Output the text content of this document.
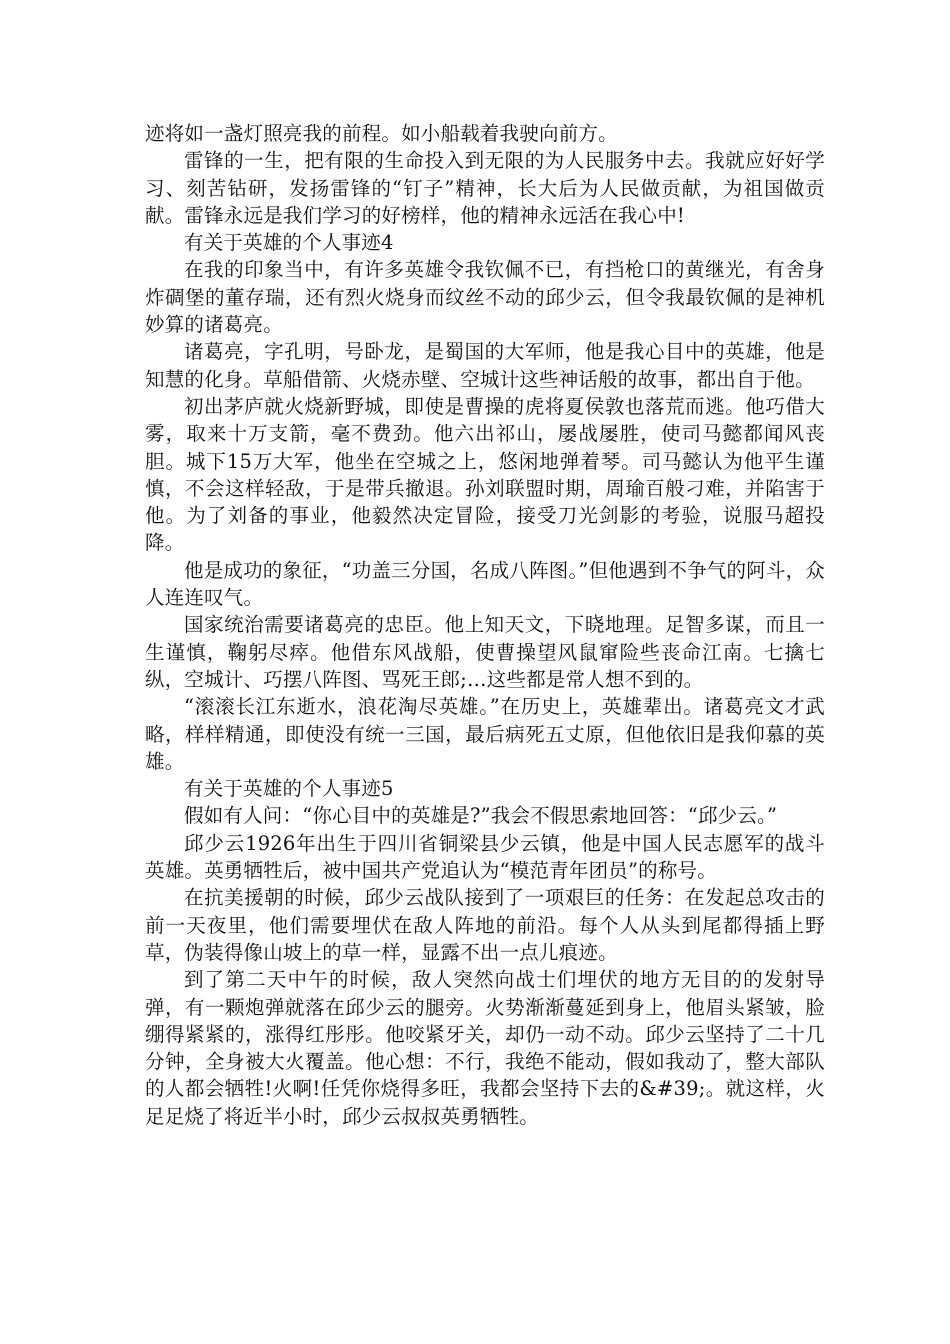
迹将如一盏灯照亮我的前程。如小船载着我驶向前方。

雷锋的一生，把有限的生命投入到无限的为人民服务中去。我就应好好学习、刻苦钻研，发扬雷锋的“钉子”精神，长大后为人民做贡献，为祖国做贡献。雷锋永远是我们学习的好榜样，他的精神永远活在我心中!

有关于英雄的个人事迹4

在我的印象当中，有许多英雄令我钦佩不已，有挡枪口的黄继光，有舍身炸碉堡的董存瑞，还有烈火烧身而纹丝不动的邱少云，但令我最钦佩的是神机妙算的诸葛亮。

诸葛亮，字孔明，号卧龙，是蜀国的大军师，他是我心目中的英雄，他是知慧的化身。草船借箭、火烧赤壁、空城计这些神话般的故事，都出自于他。

初出茅庐就火烧新野城，即使是曹操的虎将夏侯敦也落荒而逃。他巧借大雾，取来十万支箭，毫不费劲。他六出祁山，屡战屡胜，使司马懿都闻风丧胆。城下15万大军，他坐在空城之上，悠闲地弹着琴。司马懿认为他平生谨慎，不会这样轻敌，于是带兵撤退。孙刘联盟时期，周瑜百般刁难，并陷害于他。为了刘备的事业，他毅然决定冒险，接受刀光剑影的考验，说服马超投降。

他是成功的象征，“功盖三分国，名成八阵图。”但他遇到不争气的阿斗，众人连连叹气。

国家统治需要诸葛亮的忠臣。他上知天文，下晓地理。足智多谋，而且一生谨慎，鞠躬尽瘁。他借东风战船，使曹操望风鼠窜险些丧命江南。七擒七纵，空城计、巧摆八阵图、骂死王郎;…这些都是常人想不到的。

“滚滚长江东逝水，浪花淘尽英雄。”在历史上，英雄辈出。诸葛亮文才武略，样样精通，即使没有统一三国，最后病死五丈原，但他依旧是我仰慕的英雄。

有关于英雄的个人事迹5

假如有人问：“你心目中的英雄是?”我会不假思索地回答：“邱少云。”

邱少云1926年出生于四川省铜梁县少云镇，他是中国人民志愿军的战斗英雄。英勇牺牲后，被中国共产党追认为“模范青年团员”的称号。

在抗美援朝的时候，邱少云战队接到了一项艰巨的任务：在发起总攻击的前一天夜里，他们需要埋伏在敌人阵地的前沿。每个人从头到尾都得插上野草，伪装得像山坡上的草一样，显露不出一点儿痕迹。

到了第二天中午的时候，敌人突然向战士们埋伏的地方无目的的发射导弹，有一颗炮弹就落在邱少云的腿旁。火势渐渐蔓延到身上，他眉头紧皱，脸绷得紧紧的，涨得红彤彤。他咬紧牙关，却仍一动不动。邱少云坚持了二十几分钟，全身被大火覆盖。他心想：不行，我绝不能动，假如我动了，整大部队的人都会牺牲!火啊!任凭你烧得多旺，我都会坚持下去的&#39;。就这样，火足足烧了将近半小时，邱少云叔叔英勇牺牲。
